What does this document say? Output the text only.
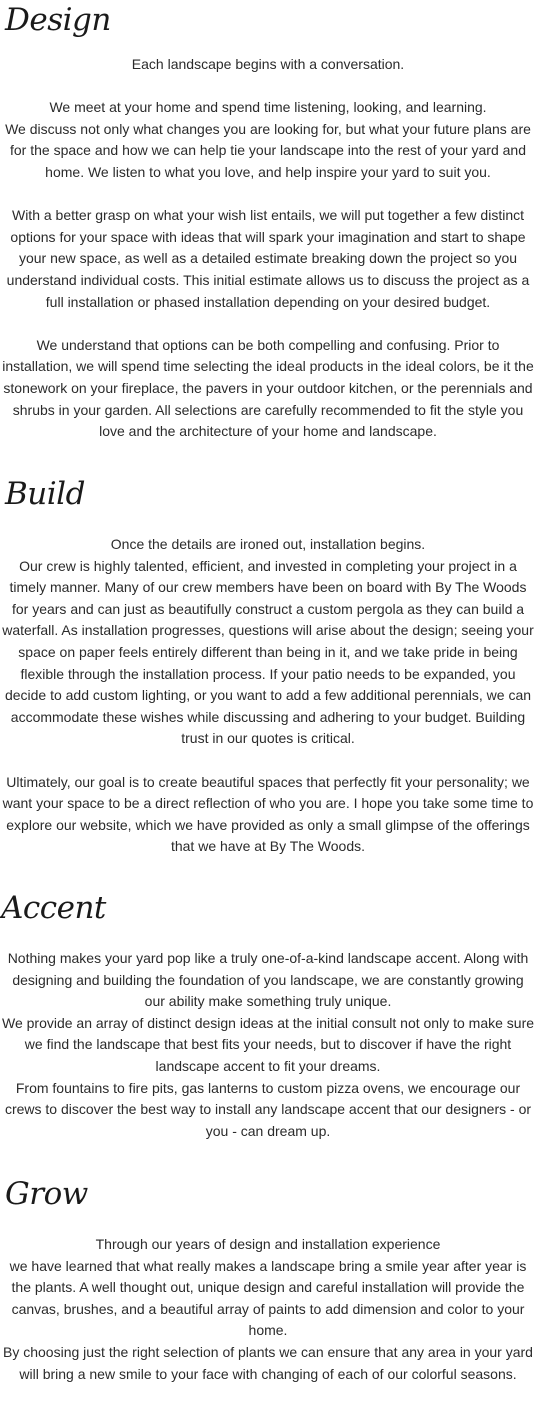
Design

Each landscape begins with a conversation.

We meet at your home and spend time listening, looking, and learning.
We discuss not only what changes you are looking for, but what your future plans are for the space and how we can help tie your landscape into the rest of your yard and home. We listen to what you love, and help inspire your yard to suit you.

With a better grasp on what your wish list entails, we will put together a few distinct options for your space with ideas that will spark your imagination and start to shape your new space, as well as a detailed estimate breaking down the project so you understand individual costs. This initial estimate allows us to discuss the project as a full installation or phased installation depending on your desired budget.

We understand that options can be both compelling and confusing. Prior to installation, we will spend time selecting the ideal products in the ideal colors, be it the stonework on your fireplace, the pavers in your outdoor kitchen, or the perennials and shrubs in your garden. All selections are carefully recommended to fit the style you love and the architecture of your home and landscape.

Build

Once the details are ironed out, installation begins.
Our crew is highly talented, efficient, and invested in completing your project in a timely manner. Many of our crew members have been on board with By The Woods for years and can just as beautifully construct a custom pergola as they can build a waterfall. As installation progresses, questions will arise about the design; seeing your space on paper feels entirely different than being in it, and we take pride in being flexible through the installation process. If your patio needs to be expanded, you decide to add custom lighting, or you want to add a few additional perennials, we can accommodate these wishes while discussing and adhering to your budget. Building trust in our quotes is critical.

Ultimately, our goal is to create beautiful spaces that perfectly fit your personality; we want your space to be a direct reflection of who you are. I hope you take some time to explore our website, which we have provided as only a small glimpse of the offerings that we have at By The Woods.

Accent

Nothing makes your yard pop like a truly one-of-a-kind landscape accent. Along with designing and building the foundation of you landscape, we are constantly growing our ability make something truly unique.
We provide an array of distinct design ideas at the initial consult not only to make sure we find the landscape that best fits your needs, but to discover if have the right landscape accent to fit your dreams.
From fountains to fire pits, gas lanterns to custom pizza ovens, we encourage our crews to discover the best way to install any landscape accent that our designers - or you - can dream up.

Grow

Through our years of design and installation experience
we have learned that what really makes a landscape bring a smile year after year is the plants. A well thought out, unique design and careful installation will provide the canvas, brushes, and a beautiful array of paints to add dimension and color to your home.
By choosing just the right selection of plants we can ensure that any area in your yard will bring a new smile to your face with changing of each of our colorful seasons.
